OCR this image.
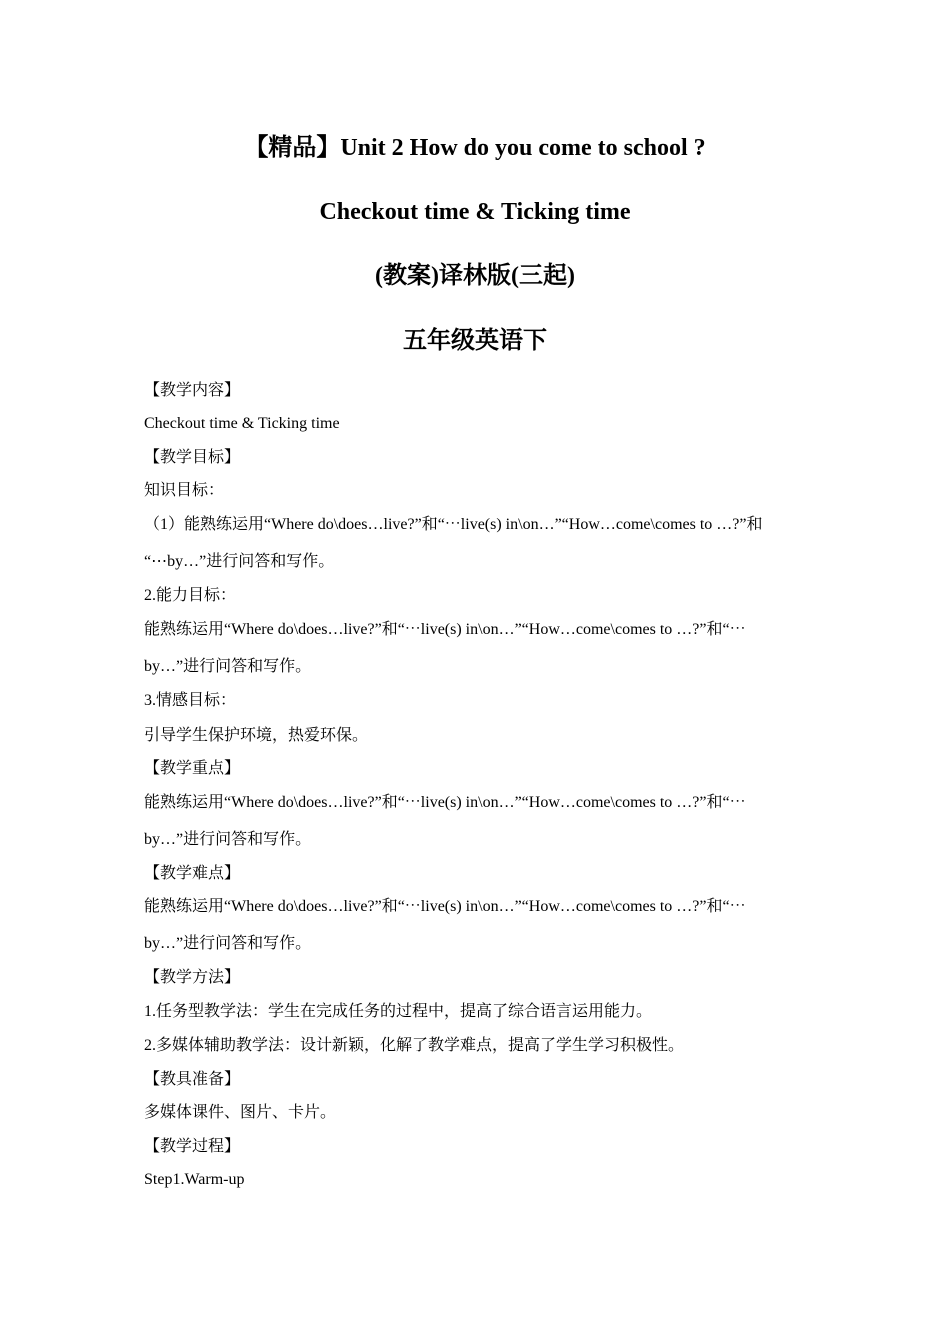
【精品】Unit 2 How do you come to school ?
Checkout time & Ticking time
(教案)译林版(三起)
五年级英语下
【教学内容】
Checkout time & Ticking time
【教学目标】
知识目标：
（1）能熟练运用“Where do\does…live?”和“⋯live(s) in\on…”“How…come\comes to …?”和
“⋯by…”进行问答和写作。
2.能力目标：
能熟练运用“Where do\does…live?”和“⋯live(s) in\on…”“How…come\comes to …?”和“⋯
by…”进行问答和写作。
3.情感目标：
引导学生保护环境，热爱环保。
【教学重点】
能熟练运用“Where do\does…live?”和“⋯live(s) in\on…”“How…come\comes to …?”和“⋯
by…”进行问答和写作。
【教学难点】
能熟练运用“Where do\does…live?”和“⋯live(s) in\on…”“How…come\comes to …?”和“⋯
by…”进行问答和写作。
【教学方法】
1.任务型教学法：学生在完成任务的过程中，提高了综合语言运用能力。
2.多媒体辅助教学法：设计新颖，化解了教学难点，提高了学生学习积极性。
【教具准备】
多媒体课件、图片、卡片。
【教学过程】
Step1.Warm-up
